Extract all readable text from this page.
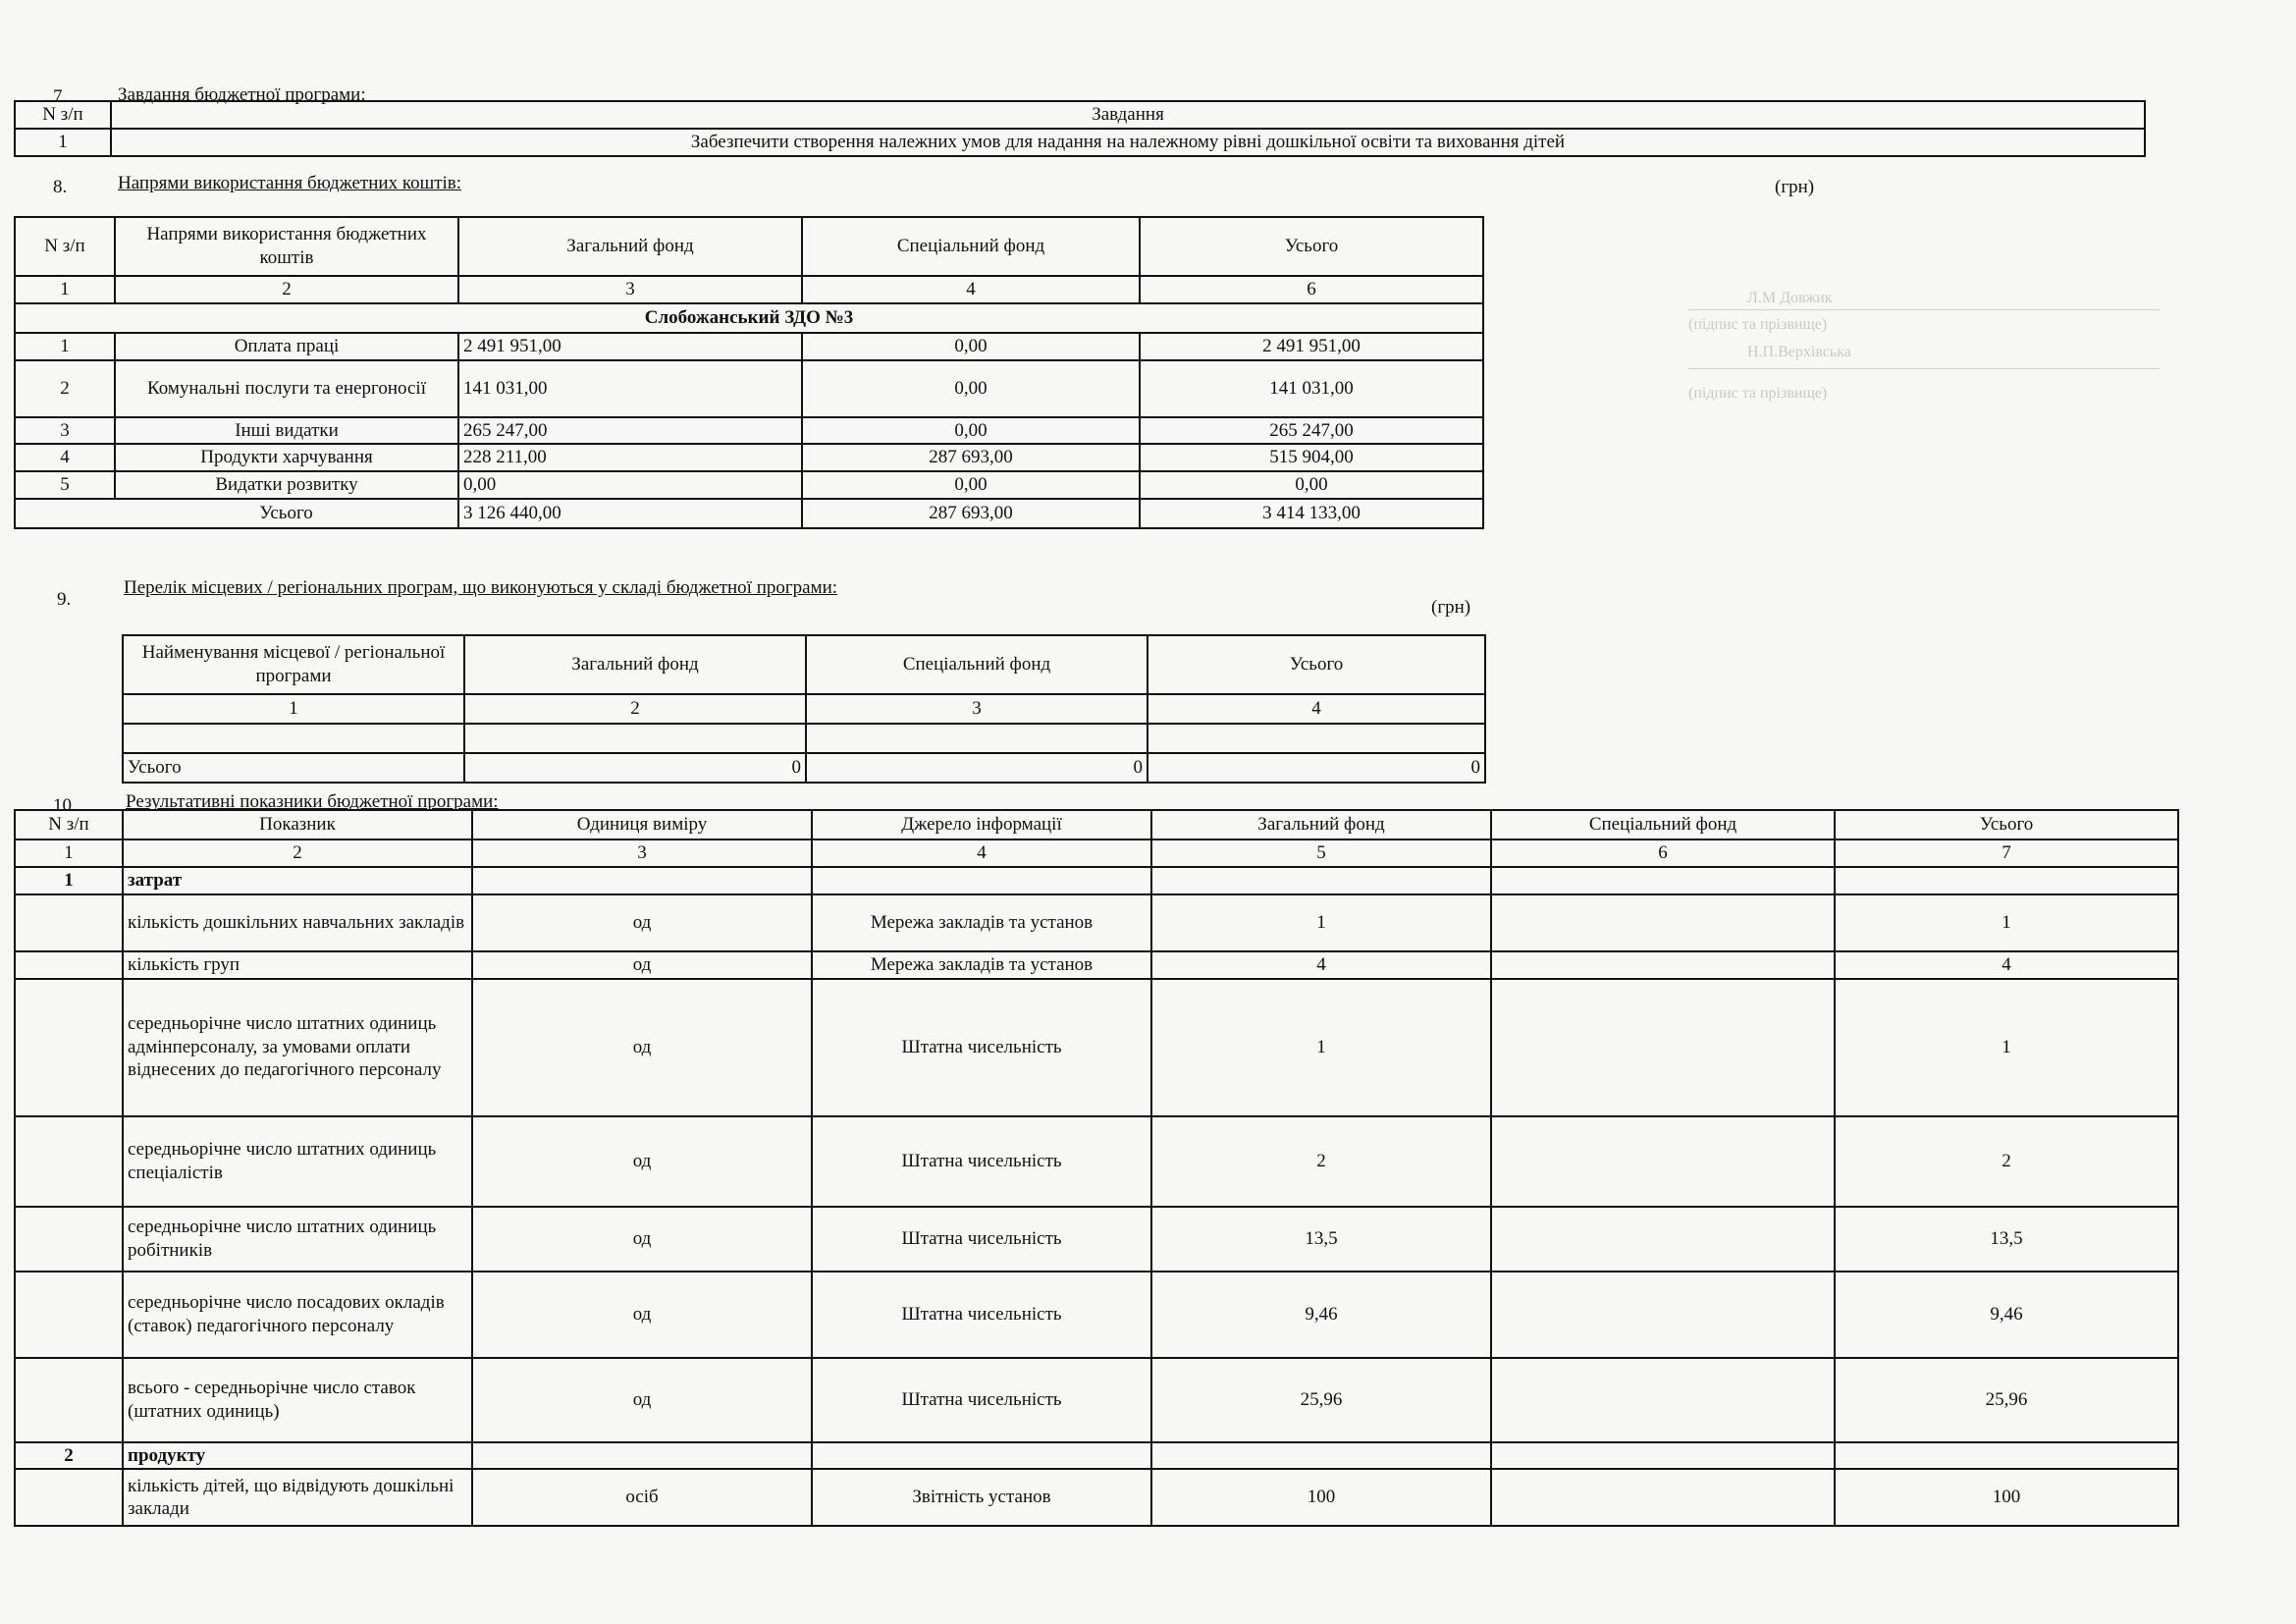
Л.М Довжик
(підпис та прізвище)
Н.П.Верхівська
(підпис та прізвище)
7.	Завдання бюджетної програми:
N з/п	Завдання
1	Забезпечити створення належних умов для надання на належному рівні дошкільної освіти та виховання дітей
8.	Напрями використання бюджетних коштів:	(грн)
N з/п	Напрями використання бюджетних коштів	Загальний фонд	Спеціальний фонд	Усього
1	2	3	4	6
Слобожанський ЗДО №3				
1	Оплата праці	2 491 951,00	0,00	2 491 951,00
2	Комунальні послуги та енергоносії	141 031,00	0,00	141 031,00
3	Інші видатки	265 247,00	0,00	265 247,00
4	Продукти харчування	228 211,00	287 693,00	515 904,00
5	Видатки розвитку	0,00	0,00	0,00
	Усього	3 126 440,00	287 693,00	3 414 133,00
9.
Перелік місцевих / регіональних програм, що виконуються у складі бюджетної програми:
(грн)
Найменування місцевої / регіональної програми	Загальний фонд	Спеціальний фонд	Усього
1	2	3	4

Усього	0	0	0
10.	Результативні показники бюджетної програми:
N з/п	Показник	Одиниця виміру	Джерело інформації	Загальний фонд	Спеціальний фонд	Усього
1	2	3	4	5	6	7
1	затрат					
	кількість дошкільних навчальних закладів	од	Мережа закладів та установ	1		1
	кількість груп	од	Мережа закладів та установ	4		4
	середньорічне число штатних одиниць адмінперсоналу, за умовами оплати віднесених до педагогічного персоналу	од	Штатна чисельність	1		1
	середньорічне число штатних одиниць спеціалістів	од	Штатна чисельність	2		2
	середньорічне число штатних одиниць робітників	од	Штатна чисельність	13,5		13,5
	середньорічне число посадових окладів (ставок) педагогічного персоналу	од	Штатна чисельність	9,46		9,46
	всього - середньорічне число ставок (штатних одиниць)	од	Штатна чисельність	25,96		25,96
2	продукту					
	кількість дітей, що відвідують дошкільні заклади	осіб	Звітність установ	100		100
